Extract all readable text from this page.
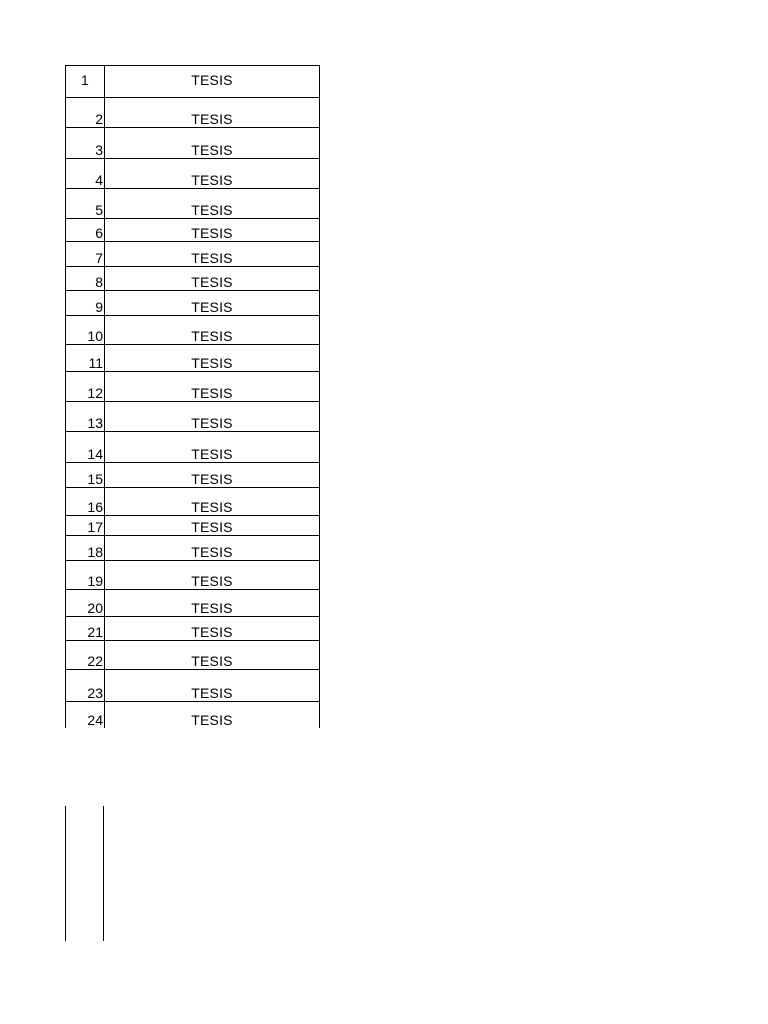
1	TESIS
2	TESIS
3	TESIS
4	TESIS
5	TESIS
6	TESIS
7	TESIS
8	TESIS
9	TESIS
10	TESIS
11	TESIS
12	TESIS
13	TESIS
14	TESIS
15	TESIS
16	TESIS
17	TESIS
18	TESIS
19	TESIS
20	TESIS
21	TESIS
22	TESIS
23	TESIS
24	TESIS
